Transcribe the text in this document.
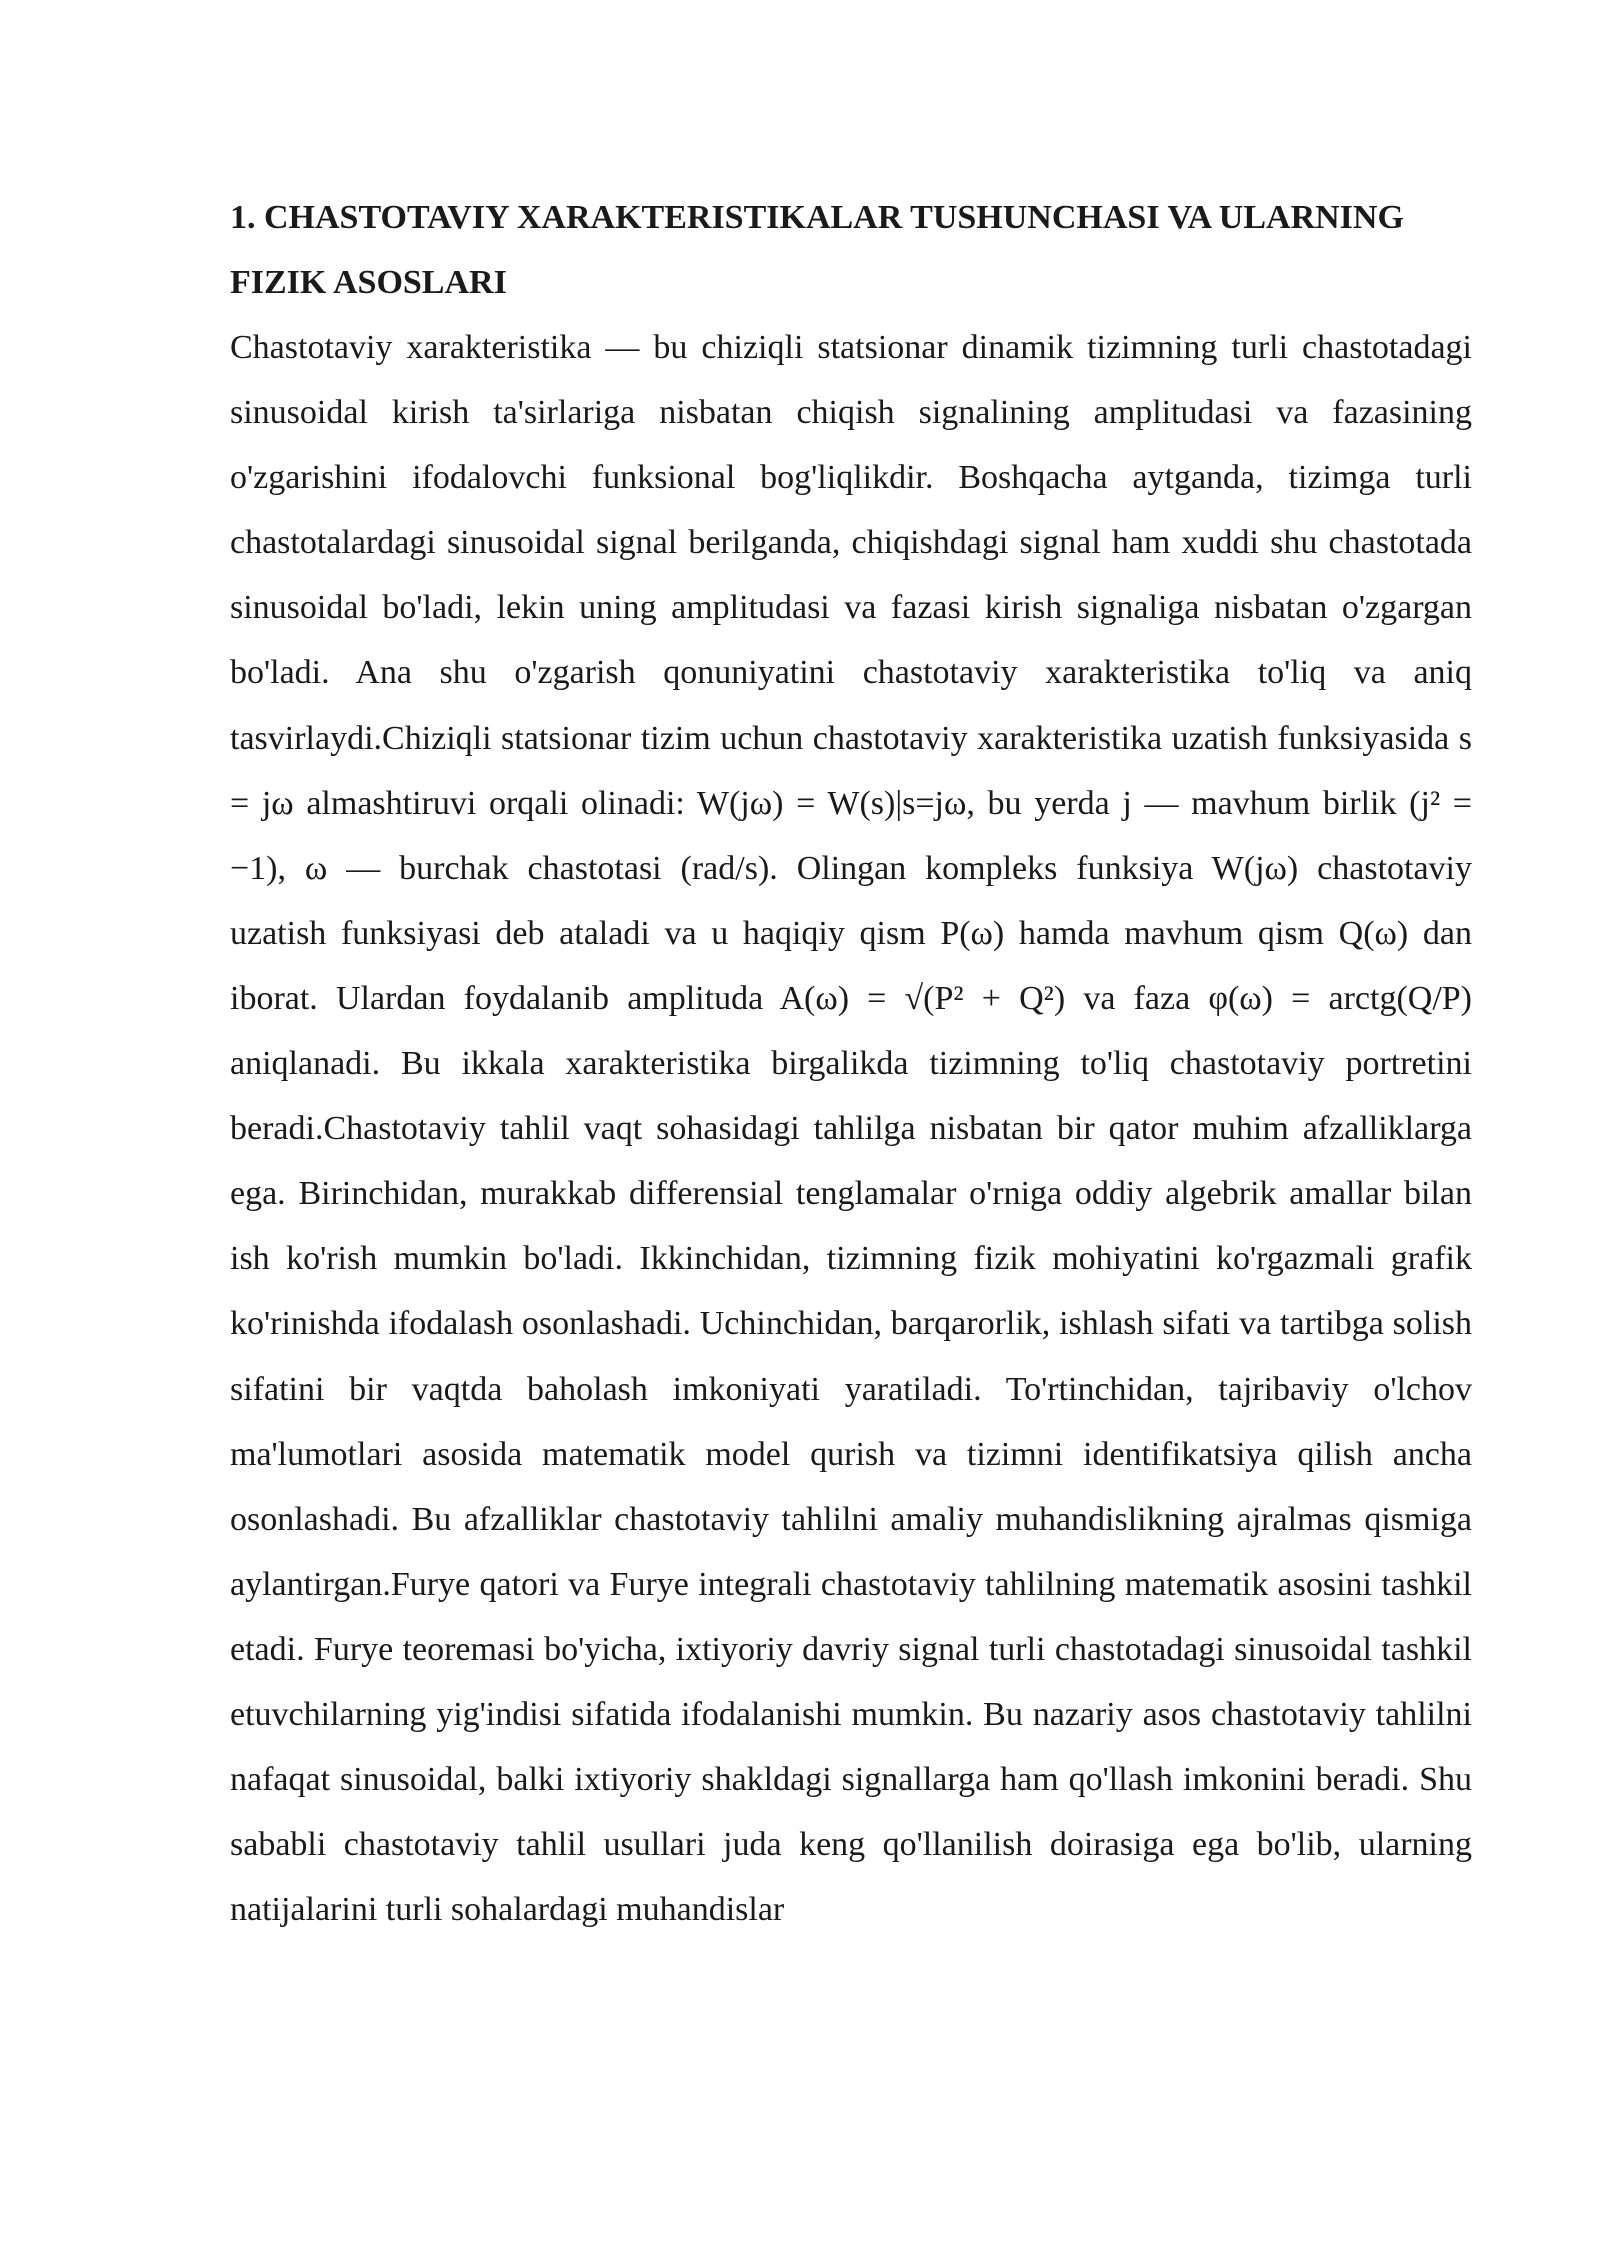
1. CHASTOTAVIY XARAKTERISTIKALAR TUSHUNCHASI VA ULARNING FIZIK ASOSLARI

Chastotaviy xarakteristika — bu chiziqli statsionar dinamik tizimning turli chastotadagi sinusoidal kirish ta'sirlariga nisbatan chiqish signalining amplitudasi va fazasining o'zgarishini ifodalovchi funksional bog'liqlikdir. Boshqacha aytganda, tizimga turli chastotalardagi sinusoidal signal berilganda, chiqishdagi signal ham xuddi shu chastotada sinusoidal bo'ladi, lekin uning amplitudasi va fazasi kirish signaliga nisbatan o'zgargan bo'ladi. Ana shu o'zgarish qonuniyatini chastotaviy xarakteristika to'liq va aniq tasvirlaydi.Chiziqli statsionar tizim uchun chastotaviy xarakteristika uzatish funksiyasida s = jω almashtiruvi orqali olinadi: W(jω) = W(s)|s=jω, bu yerda j — mavhum birlik (j² = −1), ω — burchak chastotasi (rad/s). Olingan kompleks funksiya W(jω) chastotaviy uzatish funksiyasi deb ataladi va u haqiqiy qism P(ω) hamda mavhum qism Q(ω) dan iborat. Ulardan foydalanib amplituda A(ω) = √(P² + Q²) va faza φ(ω) = arctg(Q/P) aniqlanadi. Bu ikkala xarakteristika birgalikda tizimning to'liq chastotaviy portretini beradi.Chastotaviy tahlil vaqt sohasidagi tahlilga nisbatan bir qator muhim afzalliklarga ega. Birinchidan, murakkab differensial tenglamalar o'rniga oddiy algebrik amallar bilan ish ko'rish mumkin bo'ladi. Ikkinchidan, tizimning fizik mohiyatini ko'rgazmali grafik ko'rinishda ifodalash osonlashadi. Uchinchidan, barqarorlik, ishlash sifati va tartibga solish sifatini bir vaqtda baholash imkoniyati yaratiladi. To'rtinchidan, tajribaviy o'lchov ma'lumotlari asosida matematik model qurish va tizimni identifikatsiya qilish ancha osonlashadi. Bu afzalliklar chastotaviy tahlilni amaliy muhandislikning ajralmas qismiga aylantirgan.Furye qatori va Furye integrali chastotaviy tahlilning matematik asosini tashkil etadi. Furye teoremasi bo'yicha, ixtiyoriy davriy signal turli chastotadagi sinusoidal tashkil etuvchilarning yig'indisi sifatida ifodalanishi mumkin. Bu nazariy asos chastotaviy tahlilni nafaqat sinusoidal, balki ixtiyoriy shakldagi signallarga ham qo'llash imkonini beradi. Shu sababli chastotaviy tahlil usullari juda keng qo'llanilish doirasiga ega bo'lib, ularning natijalarini turli sohalardagi muhandislar
